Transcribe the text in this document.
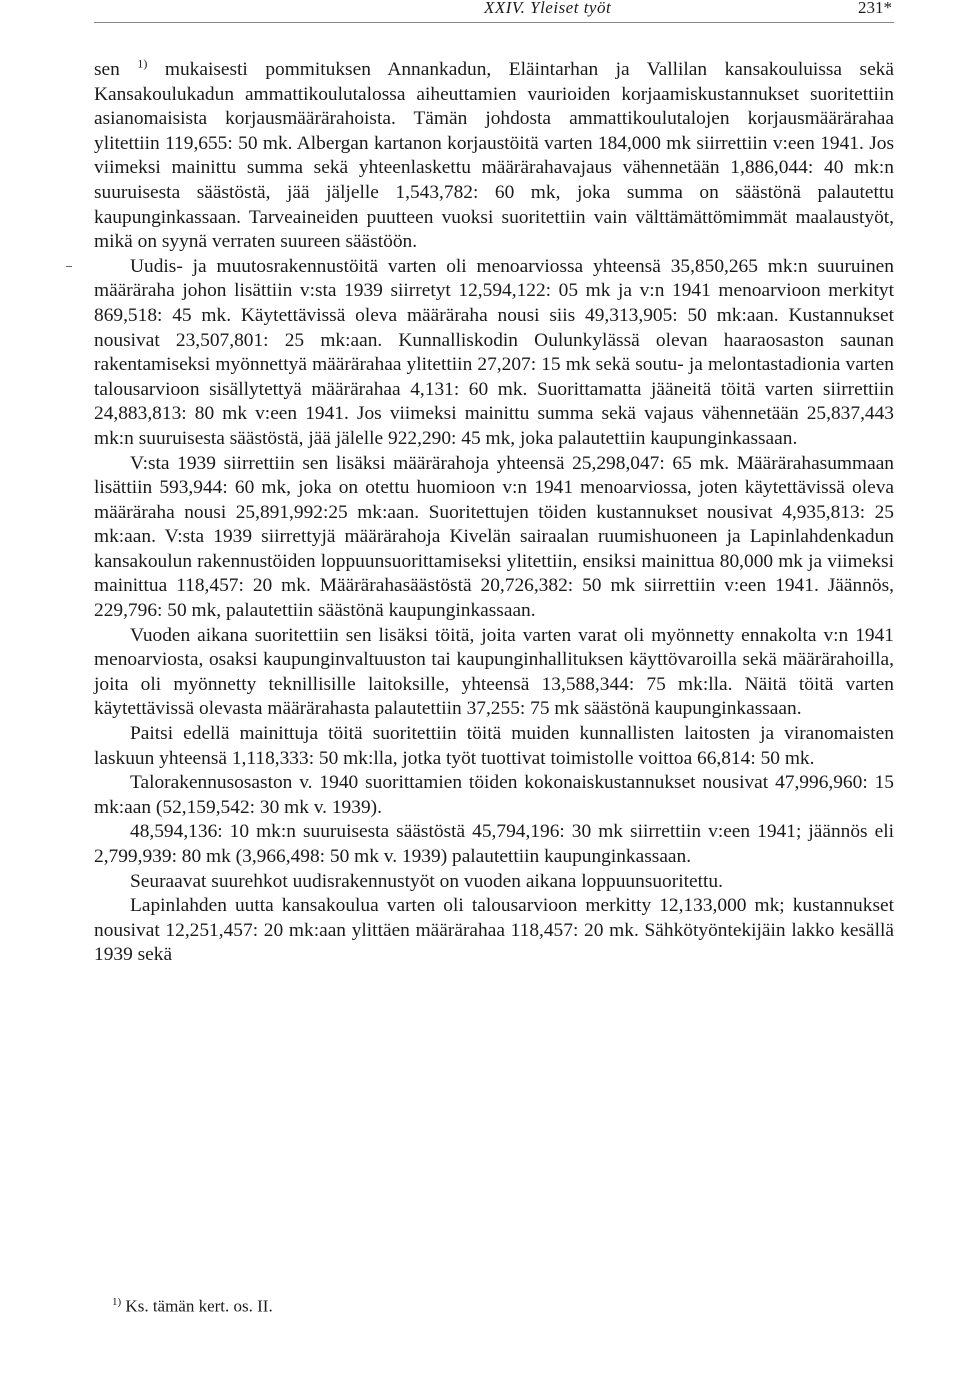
XXIV. Yleiset työt	231*

sen $^{1)}$ mukaisesti pommituksen Annankadun, Eläintarhan ja Vallilan kansakouluissa sekä Kansakoulukadun ammattikoulutalossa aiheuttamien vaurioiden korjaamiskustannukset suoritettiin asianomaisista korjausmäärärahoista. Tämän johdosta ammattikoulutalojen korjausmäärärahaa ylitettiin 119,655: 50 mk. Albergan kartanon korjaustöitä varten 184,000 mk siirrettiin v:een 1941. Jos viimeksi mainittu summa sekä yhteenlaskettu määrärahavajaus vähennetään 1,886,044: 40 mk:n suuruisesta säästöstä, jää jäljelle 1,543,782: 60 mk, joka summa on säästönä palautettu kaupunginkassaan. Tarveaineiden puutteen vuoksi suoritettiin vain välttämättömimmät maalaustyöt, mikä on syynä verraten suureen säästöön.

Uudis- ja muutosrakennustöitä varten oli menoarviossa yhteensä 35,850,265 mk:n suuruinen määräraha johon lisättiin v:sta 1939 siirretyt 12,594,122: 05 mk ja v:n 1941 menoarvioon merkityt 869,518: 45 mk. Käytettävissä oleva määräraha nousi siis 49,313,905: 50 mk:aan. Kustannukset nousivat 23,507,801: 25 mk:aan. Kunnalliskodin Oulunkylässä olevan haaraosaston saunan rakentamiseksi myönnettyä määrärahaa ylitettiin 27,207: 15 mk sekä soutu- ja melontastadionia varten talousarvioon sisällytettyä määrärahaa 4,131: 60 mk. Suorittamatta jääneitä töitä varten siirrettiin 24,883,813: 80 mk v:een 1941. Jos viimeksi mainittu summa sekä vajaus vähennetään 25,837,443 mk:n suuruisesta säästöstä, jää jälelle 922,290: 45 mk, joka palautettiin kaupunginkassaan.

V:sta 1939 siirrettiin sen lisäksi määrärahoja yhteensä 25,298,047: 65 mk. Määrärahasummaan lisättiin 593,944: 60 mk, joka on otettu huomioon v:n 1941 menoarviossa, joten käytettävissä oleva määräraha nousi 25,891,992:25 mk:aan. Suoritettujen töiden kustannukset nousivat 4,935,813: 25 mk:aan. V:sta 1939 siirrettyjä määrärahoja Kivelän sairaalan ruumishuoneen ja Lapinlahdenkadun kansakoulun rakennustöiden loppuunsuorittamiseksi ylitettiin, ensiksi mainittua 80,000 mk ja viimeksi mainittua 118,457: 20 mk. Määrärahasäästöstä 20,726,382: 50 mk siirrettiin v:een 1941. Jäännös, 229,796: 50 mk, palautettiin säästönä kaupunginkassaan.

Vuoden aikana suoritettiin sen lisäksi töitä, joita varten varat oli myönnetty ennakolta v:n 1941 menoarviosta, osaksi kaupunginvaltuuston tai kaupunginhallituksen käyttövaroilla sekä määrärahoilla, joita oli myönnetty teknillisille laitoksille, yhteensä 13,588,344: 75 mk:lla. Näitä töitä varten käytettävissä olevasta määrärahasta palautettiin 37,255: 75 mk säästönä kaupunginkassaan.

Paitsi edellä mainittuja töitä suoritettiin töitä muiden kunnallisten laitosten ja viranomaisten laskuun yhteensä 1,118,333: 50 mk:lla, jotka työt tuottivat toimistolle voittoa 66,814: 50 mk.

Talorakennusosaston v. 1940 suorittamien töiden kokonaiskustannukset nousivat 47,996,960: 15 mk:aan (52,159,542: 30 mk v. 1939).

48,594,136: 10 mk:n suuruisesta säästöstä 45,794,196: 30 mk siirrettiin v:een 1941; jäännös eli 2,799,939: 80 mk (3,966,498: 50 mk v. 1939) palautettiin kaupunginkassaan.

Seuraavat suurehkot uudisrakennustyöt on vuoden aikana loppuunsuoritettu.

Lapinlahden uutta kansakoulua varten oli talousarvioon merkitty 12,133,000 mk; kustannukset nousivat 12,251,457: 20 mk:aan ylittäen määrärahaa 118,457: 20 mk. Sähkötyöntekijäin lakko kesällä 1939 sekä

$^{1)}$ Ks. tämän kert. os. II.
